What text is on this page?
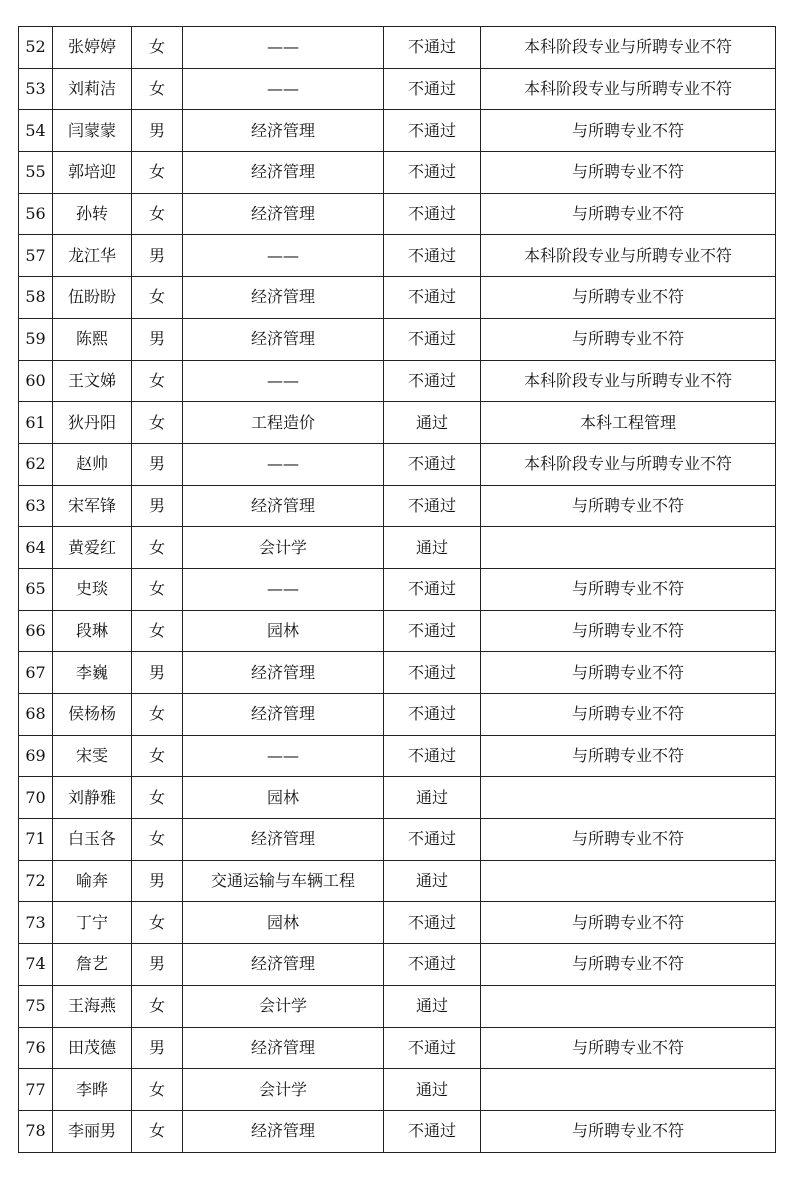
52	张婷婷	女	——	不通过	本科阶段专业与所聘专业不符
53	刘莉洁	女	——	不通过	本科阶段专业与所聘专业不符
54	闫蒙蒙	男	经济管理	不通过	与所聘专业不符
55	郭培迎	女	经济管理	不通过	与所聘专业不符
56	孙转	女	经济管理	不通过	与所聘专业不符
57	龙江华	男	——	不通过	本科阶段专业与所聘专业不符
58	伍盼盼	女	经济管理	不通过	与所聘专业不符
59	陈熙	男	经济管理	不通过	与所聘专业不符
60	王文娣	女	——	不通过	本科阶段专业与所聘专业不符
61	狄丹阳	女	工程造价	通过	本科工程管理
62	赵帅	男	——	不通过	本科阶段专业与所聘专业不符
63	宋军锋	男	经济管理	不通过	与所聘专业不符
64	黄爱红	女	会计学	通过	
65	史琰	女	——	不通过	与所聘专业不符
66	段琳	女	园林	不通过	与所聘专业不符
67	李巍	男	经济管理	不通过	与所聘专业不符
68	侯杨杨	女	经济管理	不通过	与所聘专业不符
69	宋雯	女	——	不通过	与所聘专业不符
70	刘静雅	女	园林	通过	
71	白玉各	女	经济管理	不通过	与所聘专业不符
72	喻奔	男	交通运输与车辆工程	通过	
73	丁宁	女	园林	不通过	与所聘专业不符
74	詹艺	男	经济管理	不通过	与所聘专业不符
75	王海燕	女	会计学	通过	
76	田茂德	男	经济管理	不通过	与所聘专业不符
77	李晔	女	会计学	通过	
78	李丽男	女	经济管理	不通过	与所聘专业不符
